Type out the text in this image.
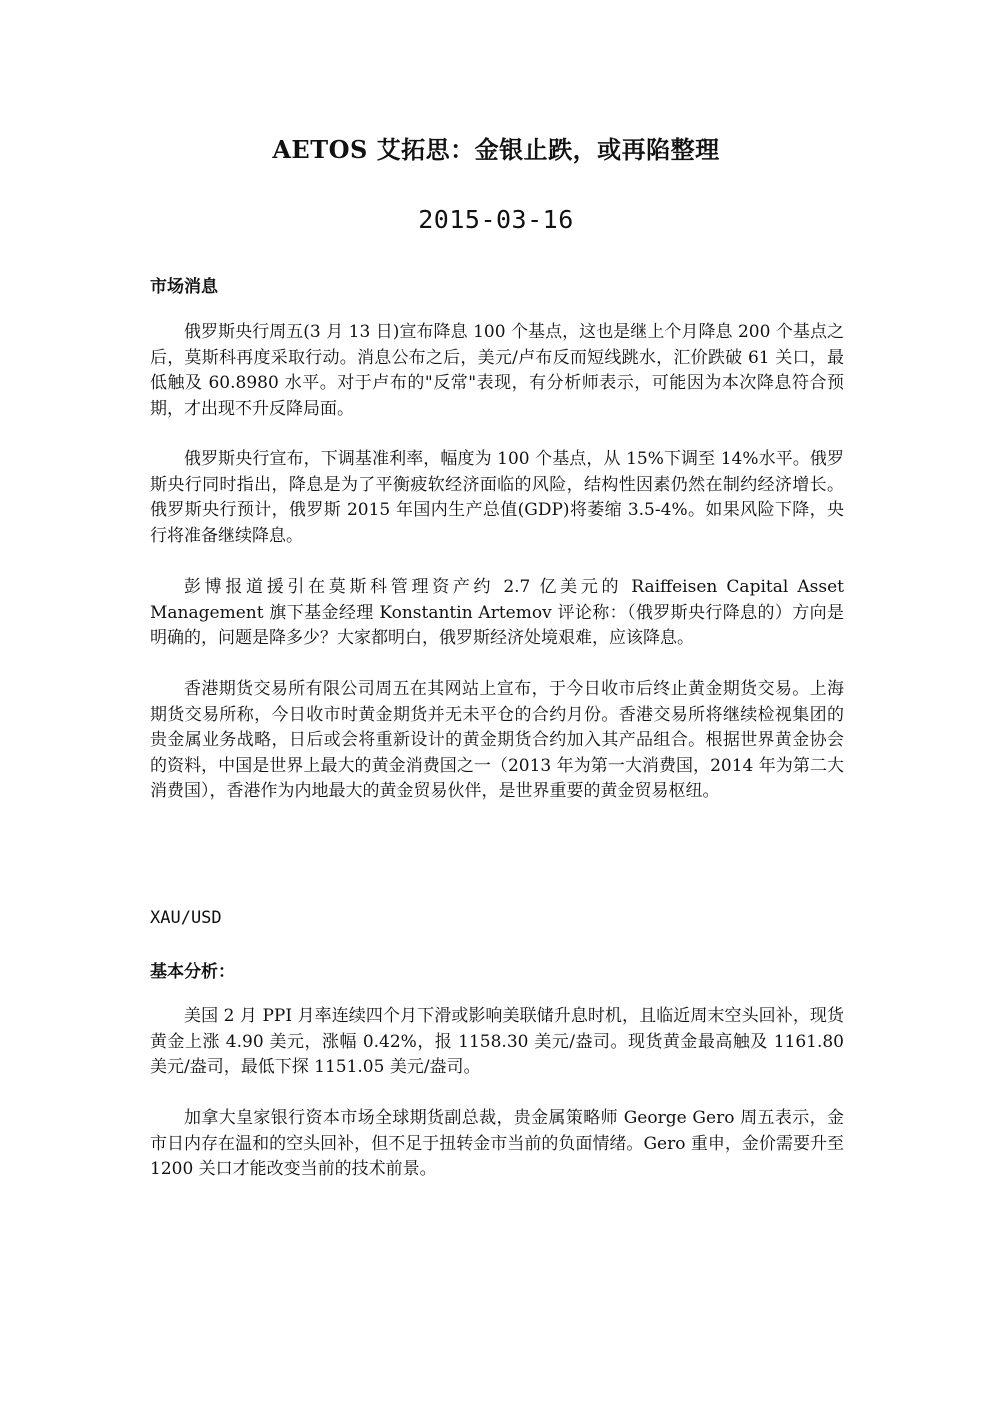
AETOS 艾拓思：金银止跌，或再陷整理
2015-03-16
市场消息

俄罗斯央行周五(3 月 13 日)宣布降息 100 个基点，这也是继上个月降息 200 个基点之后，莫斯科再度采取行动。消息公布之后，美元/卢布反而短线跳水，汇价跌破 61 关口，最低触及 60.8980 水平。对于卢布的"反常"表现，有分析师表示，可能因为本次降息符合预期，才出现不升反降局面。

俄罗斯央行宣布，下调基准利率，幅度为 100 个基点，从 15%下调至 14%水平。俄罗斯央行同时指出，降息是为了平衡疲软经济面临的风险，结构性因素仍然在制约经济增长。俄罗斯央行预计，俄罗斯 2015 年国内生产总值(GDP)将萎缩 3.5-4%。如果风险下降，央行将准备继续降息。

彭博报道援引在莫斯科管理资产约 2.7 亿美元的 Raiffeisen Capital Asset Management 旗下基金经理 Konstantin Artemov 评论称：（俄罗斯央行降息的）方向是明确的，问题是降多少？大家都明白，俄罗斯经济处境艰难，应该降息。

香港期货交易所有限公司周五在其网站上宣布，于今日收市后终止黄金期货交易。上海期货交易所称，今日收市时黄金期货并无未平仓的合约月份。香港交易所将继续检视集团的贵金属业务战略，日后或会将重新设计的黄金期货合约加入其产品组合。根据世界黄金协会的资料，中国是世界上最大的黄金消费国之一（2013 年为第一大消费国，2014 年为第二大消费国），香港作为内地最大的黄金贸易伙伴，是世界重要的黄金贸易枢纽。

XAU/USD
基本分析：

美国 2 月 PPI 月率连续四个月下滑或影响美联储升息时机，且临近周末空头回补，现货黄金上涨 4.90 美元，涨幅 0.42%，报 1158.30 美元/盎司。现货黄金最高触及 1161.80 美元/盎司，最低下探 1151.05 美元/盎司。

加拿大皇家银行资本市场全球期货副总裁，贵金属策略师 George Gero 周五表示，金市日内存在温和的空头回补，但不足于扭转金市当前的负面情绪。Gero 重申，金价需要升至 1200 关口才能改变当前的技术前景。
